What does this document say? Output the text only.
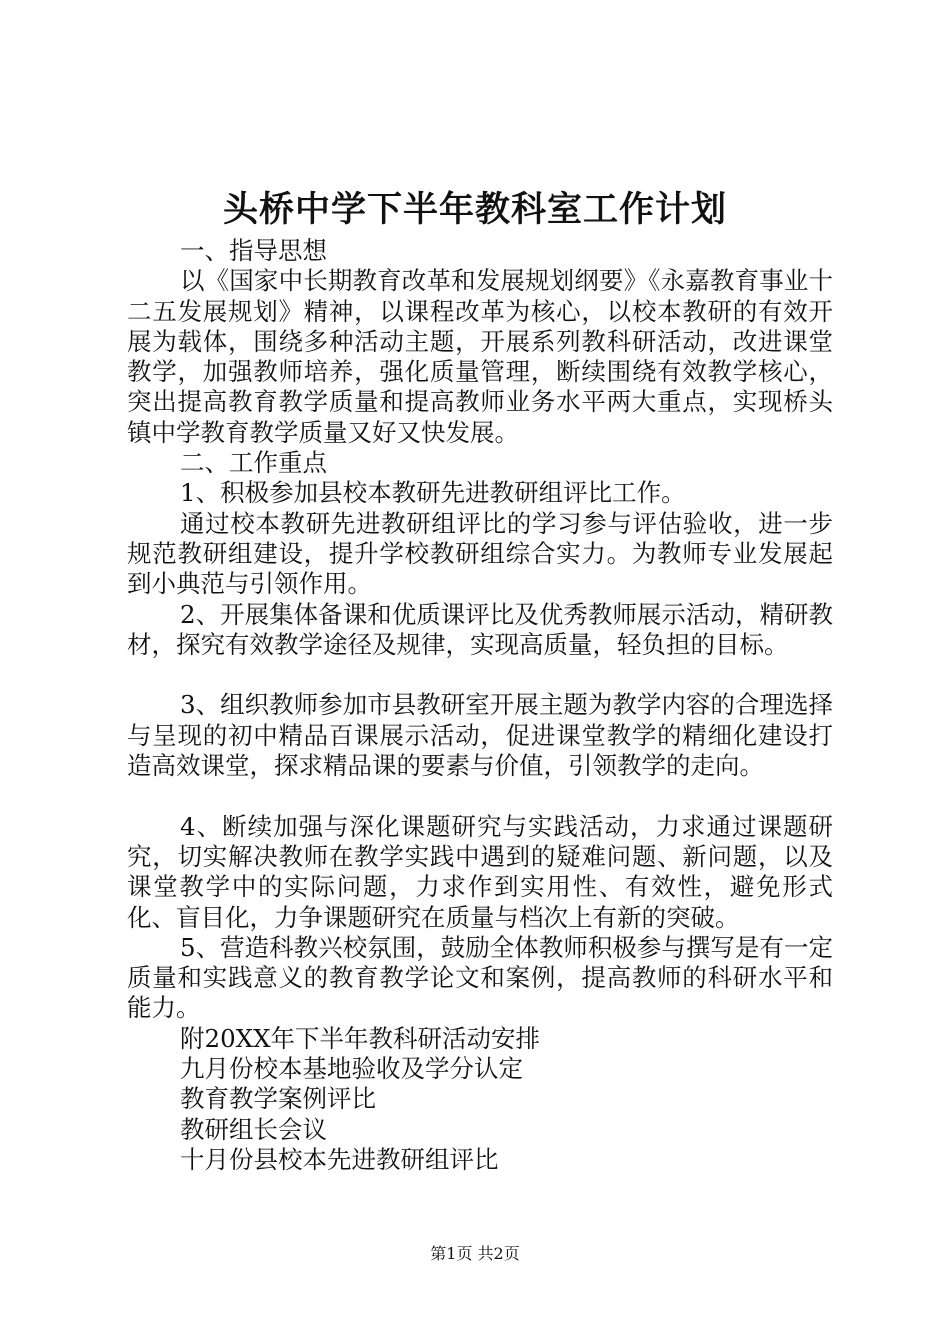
头桥中学下半年教科室工作计划

一、指导思想

以《国家中长期教育改革和发展规划纲要》《永嘉教育事业十二五发展规划》精神，以课程改革为核心，以校本教研的有效开展为载体，围绕多种活动主题，开展系列教科研活动，改进课堂教学，加强教师培养，强化质量管理，断续围绕有效教学核心，突出提高教育教学质量和提高教师业务水平两大重点，实现桥头镇中学教育教学质量又好又快发展。

二、工作重点

1、积极参加县校本教研先进教研组评比工作。

通过校本教研先进教研组评比的学习参与评估验收，进一步规范教研组建设，提升学校教研组综合实力。为教师专业发展起到小典范与引领作用。

2、开展集体备课和优质课评比及优秀教师展示活动，精研教材，探究有效教学途径及规律，实现高质量，轻负担的目标。

3、组织教师参加市县教研室开展主题为教学内容的合理选择与呈现的初中精品百课展示活动，促进课堂教学的精细化建设打造高效课堂，探求精品课的要素与价值，引领教学的走向。

4、断续加强与深化课题研究与实践活动，力求通过课题研究，切实解决教师在教学实践中遇到的疑难问题、新问题，以及课堂教学中的实际问题，力求作到实用性、有效性，避免形式化、盲目化，力争课题研究在质量与档次上有新的突破。

5、营造科教兴校氛围，鼓励全体教师积极参与撰写是有一定质量和实践意义的教育教学论文和案例，提高教师的科研水平和能力。

附20XX年下半年教科研活动安排

九月份校本基地验收及学分认定

教育教学案例评比

教研组长会议

十月份县校本先进教研组评比

第1页 共2页
